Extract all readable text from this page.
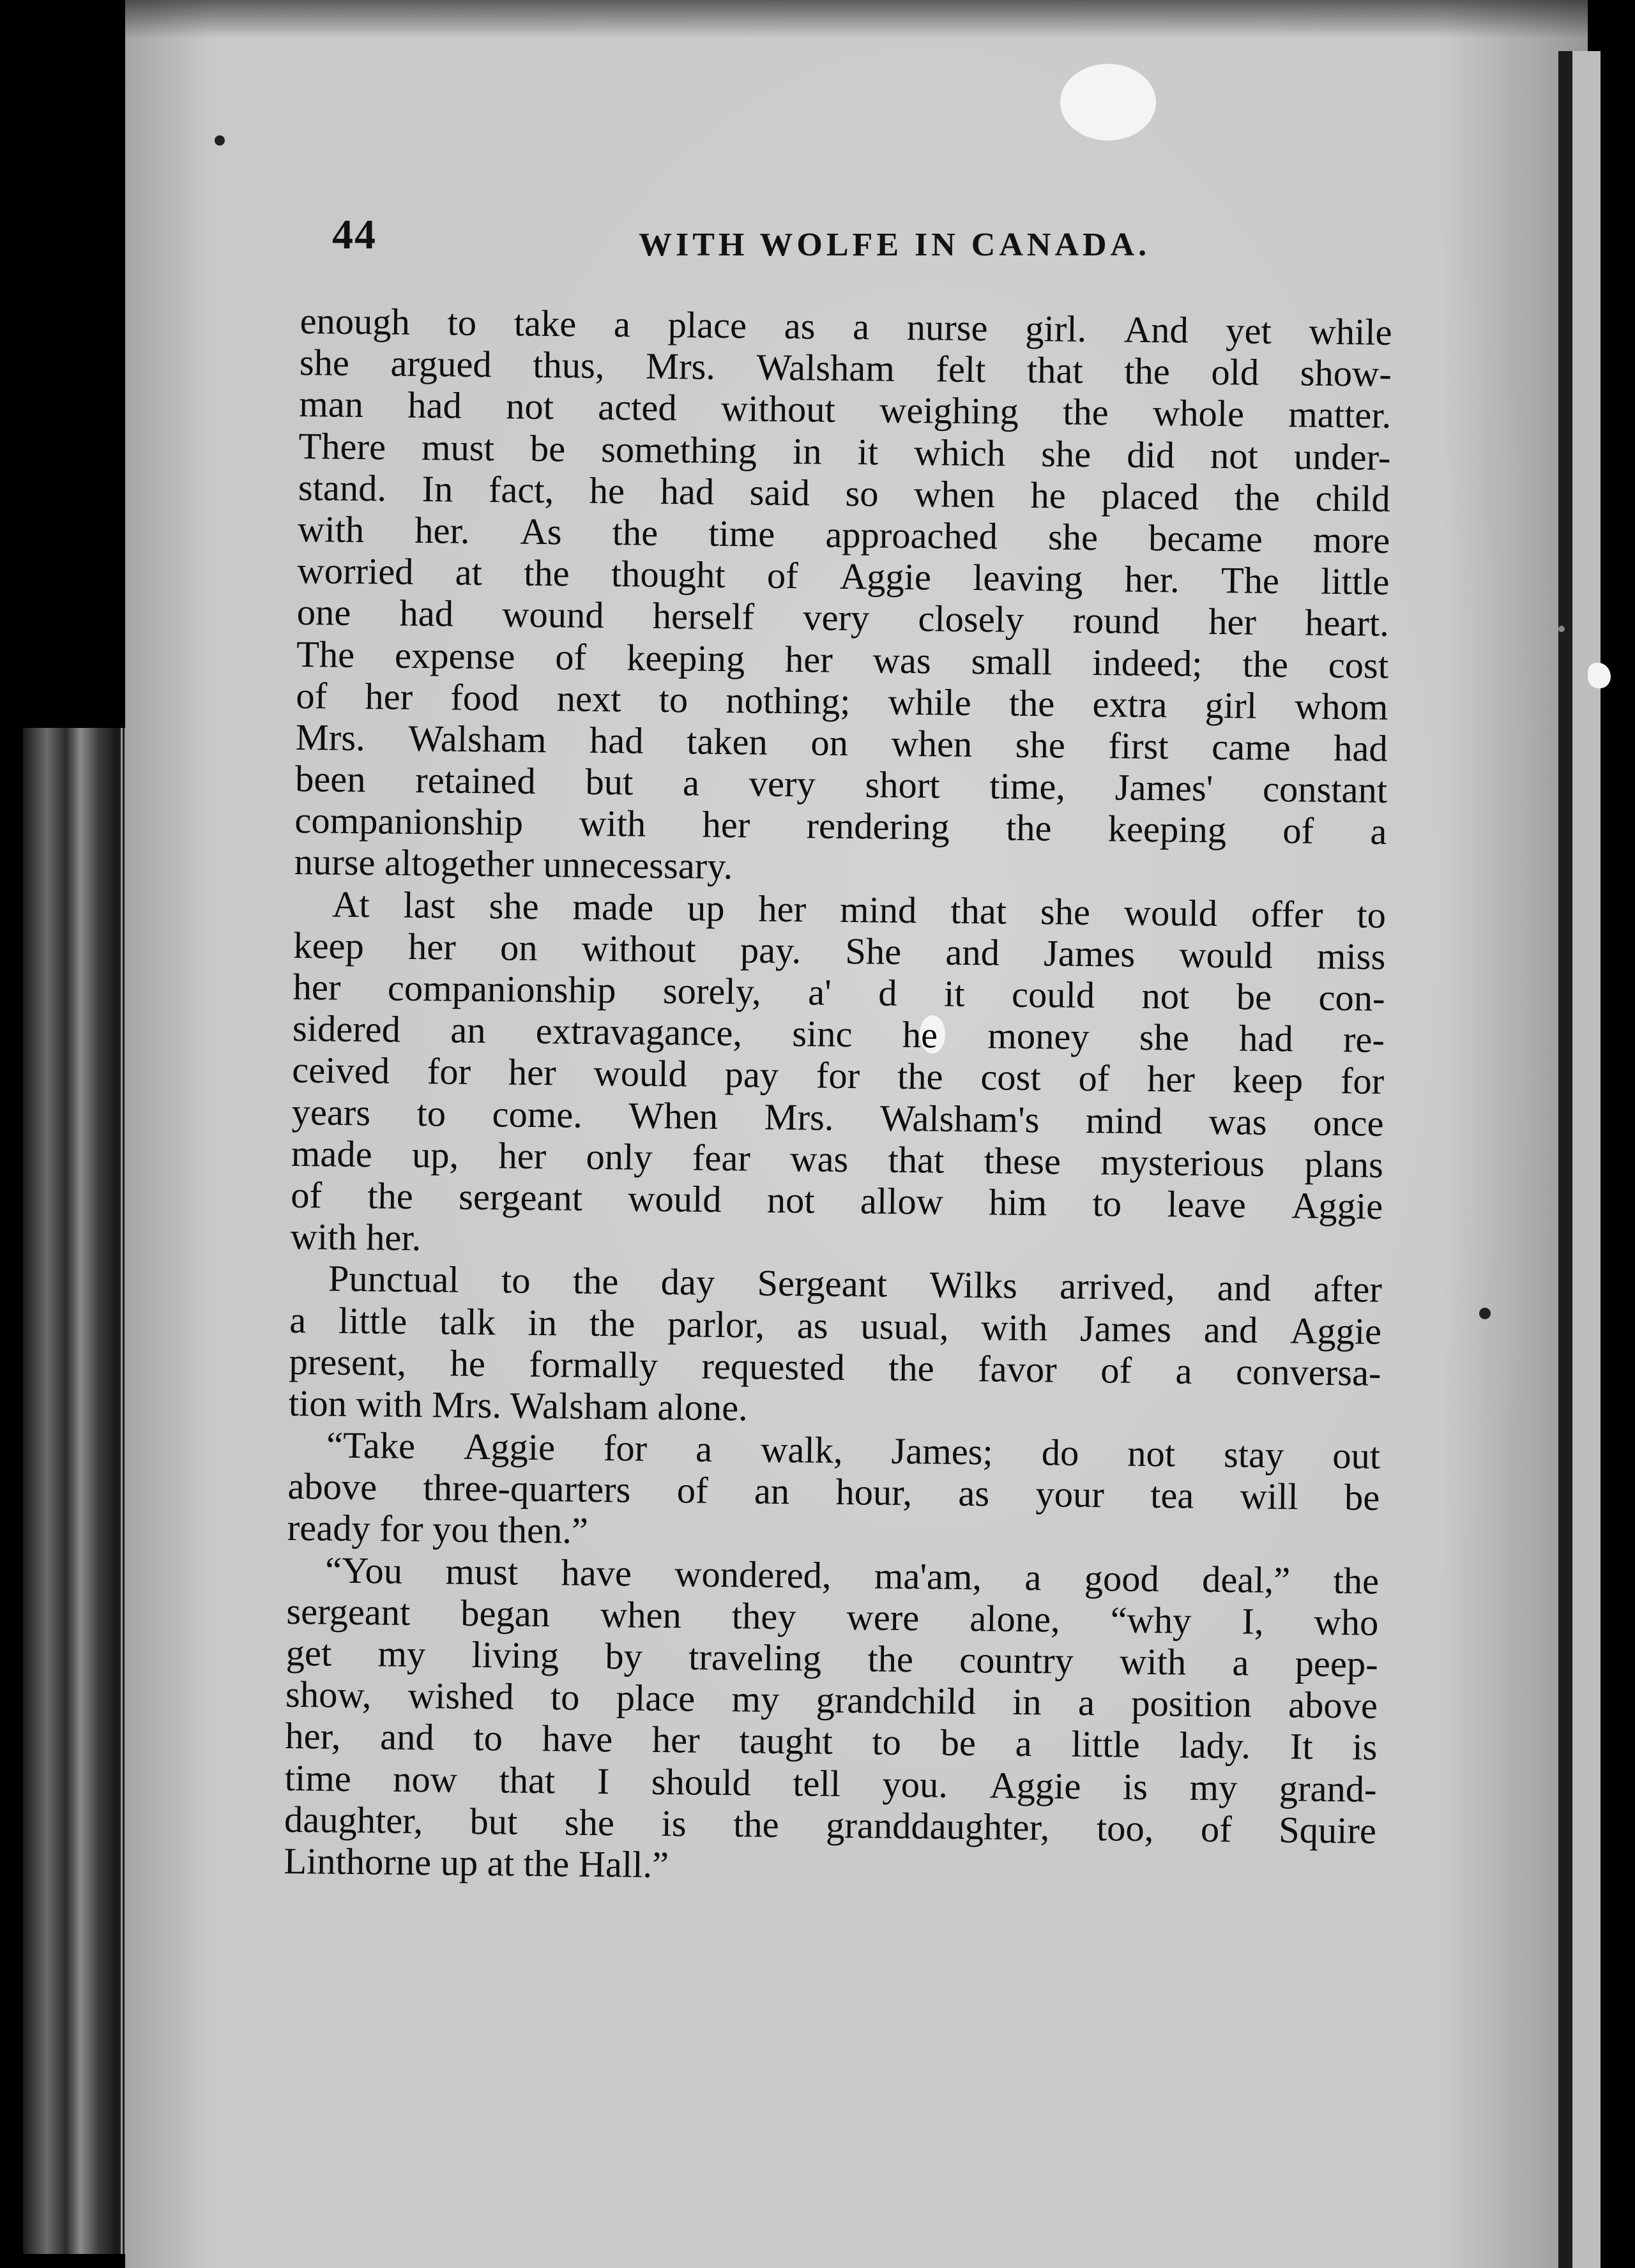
44	WITH WOLFE IN CANADA.
enough to take a place as a nurse girl. And yet while
she argued thus, Mrs. Walsham felt that the old show-
man had not acted without weighing the whole matter.
There must be something in it which she did not under-
stand. In fact, he had said so when he placed the child
with her. As the time approached she became more
worried at the thought of Aggie leaving her. The little
one had wound herself very closely round her heart.
The expense of keeping her was small indeed; the cost
of her food next to nothing; while the extra girl whom
Mrs. Walsham had taken on when she first came had
been retained but a very short time, James' constant
companionship with her rendering the keeping of a
nurse altogether unnecessary.
At last she made up her mind that she would offer to
keep her on without pay. She and James would miss
her companionship sorely, a' d it could not be con-
sidered an extravagance, sinc he money she had re-
ceived for her would pay for the cost of her keep for
years to come. When Mrs. Walsham's mind was once
made up, her only fear was that these mysterious plans
of the sergeant would not allow him to leave Aggie
with her.
Punctual to the day Sergeant Wilks arrived, and after
a little talk in the parlor, as usual, with James and Aggie
present, he formally requested the favor of a conversa-
tion with Mrs. Walsham alone.
“Take Aggie for a walk, James; do not stay out
above three-quarters of an hour, as your tea will be
ready for you then.”
“You must have wondered, ma'am, a good deal,” the
sergeant began when they were alone, “why I, who
get my living by traveling the country with a peep-
show, wished to place my grandchild in a position above
her, and to have her taught to be a little lady. It is
time now that I should tell you. Aggie is my grand-
daughter, but she is the granddaughter, too, of Squire
Linthorne up at the Hall.”
